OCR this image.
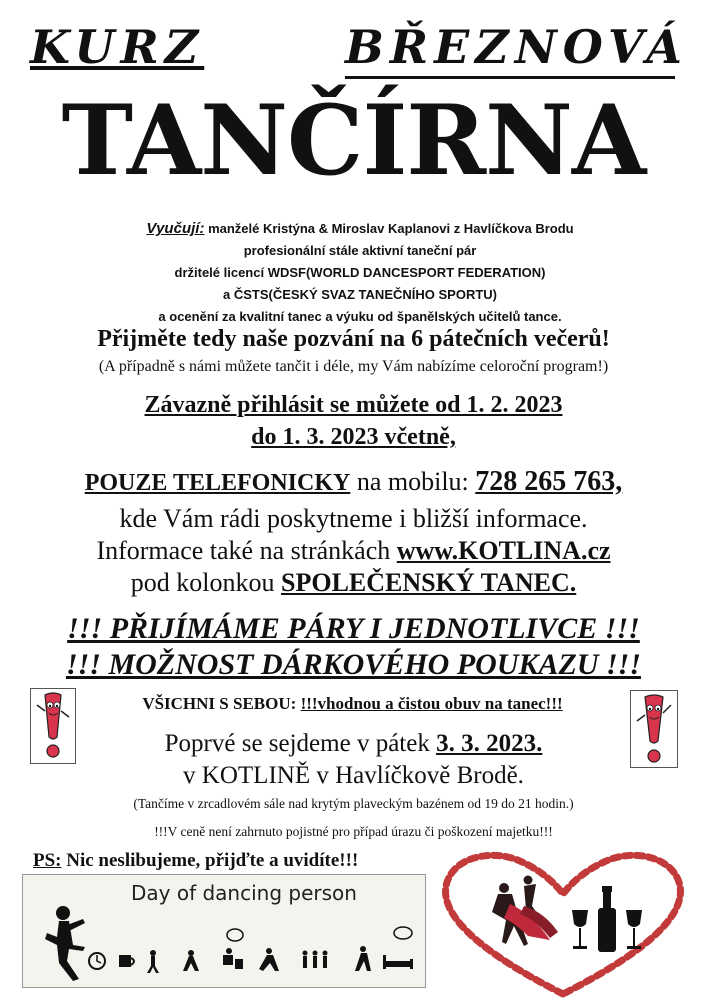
KURZ	BŘEZNOVÁ
TANČÍRNA
Vyučují: manželé Kristýna & Miroslav Kaplanovi z Havlíčkova Brodu
profesionální stále aktivní taneční pár
držitelé licencí WDSF(WORLD DANCESPORT FEDERATION)
a ČSTS(ČESKÝ SVAZ TANEČNÍHO SPORTU)
a ocenění za kvalitní tanec a výuku od španělských učitelů tance.
Přijměte tedy naše pozvání na 6 pátečních večerů!
(A případně s námi můžete tančit i déle, my Vám nabízíme celoroční program!)
Závazně přihlásit se můžete od 1. 2. 2023
do 1. 3. 2023 včetně,
POUZE TELEFONICKY na mobilu: 728 265 763,
kde Vám rádi poskytneme i bližší informace.
Informace také na stránkách www.KOTLINA.cz
pod kolonkou SPOLEČENSKÝ TANEC.
!!! PŘIJÍMÁME PÁRY I JEDNOTLIVCE !!!
!!! MOŽNOST DÁRKOVÉHO POUKAZU !!!
VŠICHNI S SEBOU: !!!vhodnou a čistou obuv na tanec!!!
Poprvé se sejdeme v pátek 3. 3. 2023.
v KOTLINĚ v Havlíčkově Brodě.
(Tančíme v zrcadlovém sále nad krytým plaveckým bazénem od 19 do 21 hodin.)
!!!V ceně není zahrnuto pojistné pro případ úrazu či poškození majetku!!!
PS: Nic neslibujeme, přijďte a uvidíte!!!
Day of dancing person
